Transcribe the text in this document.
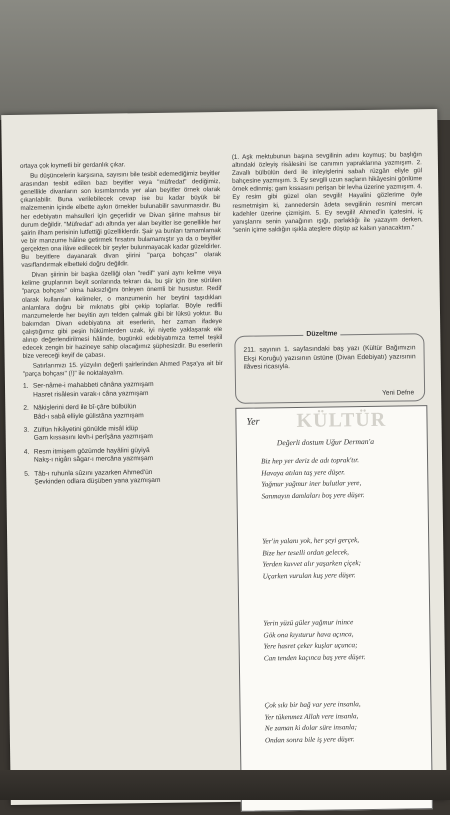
ortaya çok kıymetli bir gerdanlık çıkar.

Bu düşüncelerin karşısına, sayısını bile tesbit edemediğimiz beyitler arasından tesbit edilen bazı beyitler veya "müfredat" dediğimiz, genellikle divanların son kısımlarında yer alan beyitler örnek olarak çıkarılabilir. Buna verilebilecek cevap ise bu kadar büyük bir malzemenin içinde elbette aykırı örnekler bulunabilir savunmasıdır. Bu her edebiyatın mahsulleri için geçerlidir ve Divan şiirine mahsus bir durum değildir. "Müfredat" adı altında yer alan beyitler ise genellikle her şairin ilham perisinin lutfettiği güzelliklerdir. Şair ya bunları tamamlamak ve bir manzume hâline getirmek fırsatını bulamamıştır ya da o beyitler gerçekten ona ilâve edilecek bir şeyler bulunmayacak kadar güzeldirler. Bu beyitlere dayanarak divan şiirini "parça bohçası" olarak vasıflandırmak elbetteki doğru değildir.

Divan şiirinin bir başka özelliği olan "redif" yani aynı kelime veya kelime gruplarının beyit sonlarında tekrarı da, bu şiir için öne sürülen "parça bohçası" olma haksızlığını önleyen önemli bir husustur. Redif olarak kullanılan kelimeler, o manzumenin her beytini taşıdıkları anlamlara doğru bir mıknatıs gibi çekip toplarlar. Böyle redifli manzumelerde her beyitin ayrı telden çalmak gibi bir lüksü yoktur. Bu bakımdan Divan edebiyatına ait eserlerin, her zaman ifadeye çalıştığımız gibi peşin hükümlerden uzak, iyi niyetle yaklaşarak ele alınıp değerlendirilmesi hâlinde, bugünkü edebiyatımıza temel teşkil edecek zengin bir hazineye sahip olacağımız şüphesizdir. Bu eserlerin bize vereceği keyif de çabası.

Satırlarımızı 15. yüzyılın değerli şairlerinden Ahmed Paşa'ya ait bir "parça bohçası" (!)" ile noktalayalım.

1. Ser-nâme-i mahabbeti cânâna yazmışam
Hasret risâlesin varak-ı câna yazmışam
2. Nâkişlerini derd ile bî-çâre bülbülün
Bâd-ı sabâ elliyle gülistâna yazmışam
3. Zülfün hikâyetini gönülde misâl idüp
Gam kıssasını levh-i perîşâna yazmışam
4. Resm itmişem gözümde hayâlini güyiyâ
Nakş-ı nigârı sâgar-ı mercâna yazmışam
5. Tâb-ı ruhunla sûzını yazarken Ahmed'ün
Şevkinden odlara düşüben yana yazmışam

(1. Aşk mektubunun başına sevgilinin adını koymuş; bu başlığın altındaki özleyiş risâlesini ise canımın yapraklarına yazmışım. 2. Zavallı bülbülün derd ile inleyişlerini sabah rüzgârı eliyle gül bahçesine yazmışım. 3. Ey sevgili uzun saçların hikâyesini gönlüme örnek edinmiş; gam kıssasını perişan bir levha üzerine yazmışım. 4. Ey resim gibi güzel olan sevgili! Hayalini gözlerime öyle resmetmişim ki, zannedersin âdeta sevgilinin resmini mercan kadehler üzerine çizmişim. 5. Ey sevgili! Ahmed'in içatesini, iç yanışlarını senin yanağının ışığı, parlaklığı ile yazayım derken, "senin içime saldığın ışıkla ateşlere düşüp az kalsın yanacaktım."

Düzeltme
211. sayının 1. sayfasındaki baş yazı (Kültür Bağımızın Ekşi Koruğu) yazısının üstüne (Divan Edebiyatı) yazısının ilâvesi ricasıyla.
Yeni Defne
KÜLTÜR
Yer
Değerli dostum Uğur Derman'a
Biz hep yer deriz de adı toprak'tır.
Havaya atılan taş yere düşer.
Yağmur yağmur iner bulutlar yere,
Sanmayın damlaları boş yere düşer.
Yer'in yalanı yok, her şeyi gerçek,
Bize her teselli ordan gelecek,
Yerden kuvvet alır yaşarken çiçek;
Uçarken vurulan kuş yere düşer.
Yerin yüzü güler yağmur inince
Gök ona kıyıturur hava açınca,
Yere hasret çeker kuşlar uçunca;
Can tenden kaçınca baş yere düşer.
Çok sıkı bir bağ var yere insanla,
Yer tükenmez Allah vere insanla,
Ne zaman ki dolar süre insanla;
Ondan sonra bile iş yere düşer.
